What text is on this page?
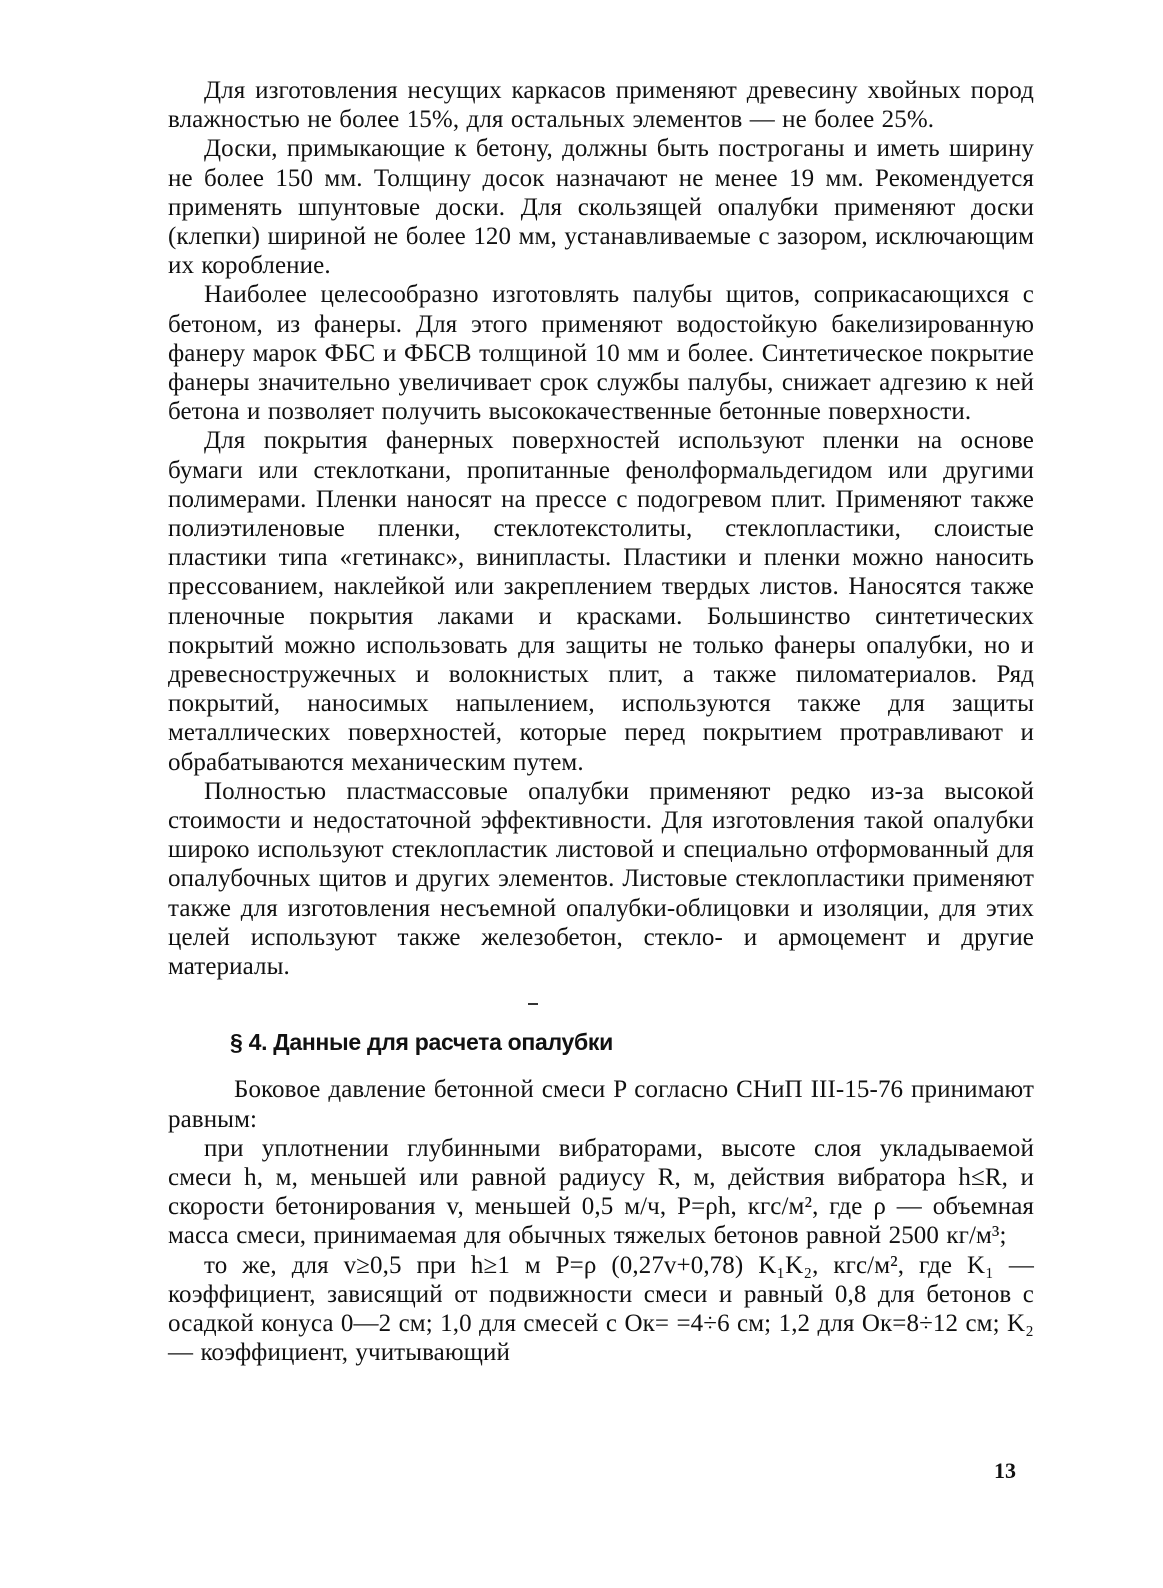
Для изготовления несущих каркасов применяют древесину хвойных пород влажностью не более 15%, для остальных элементов — не более 25%.

Доски, примыкающие к бетону, должны быть построганы и иметь ширину не более 150 мм. Толщину досок назначают не менее 19 мм. Рекомендуется применять шпунтовые доски. Для скользящей опалубки применяют доски (клепки) шириной не более 120 мм, устанавливаемые с зазором, исключающим их коробление.

Наиболее целесообразно изготовлять палубы щитов, соприкасающихся с бетоном, из фанеры. Для этого применяют водостойкую бакелизированную фанеру марок ФБС и ФБСВ толщиной 10 мм и более. Синтетическое покрытие фанеры значительно увеличивает срок службы палубы, снижает адгезию к ней бетона и позволяет получить высококачественные бетонные поверхности.

Для покрытия фанерных поверхностей используют пленки на основе бумаги или стеклоткани, пропитанные фенолформальдегидом или другими полимерами. Пленки наносят на прессе с подогревом плит. Применяют также полиэтиленовые пленки, стеклотекстолиты, стеклопластики, слоистые пластики типа «гетинакс», винипласты. Пластики и пленки можно наносить прессованием, наклейкой или закреплением твердых листов. Наносятся также пленочные покрытия лаками и красками. Большинство синтетических покрытий можно использовать для защиты не только фанеры опалубки, но и древесностружечных и волокнистых плит, а также пиломатериалов. Ряд покрытий, наносимых напылением, используются также для защиты металлических поверхностей, которые перед покрытием протравливают и обрабатываются механическим путем.

Полностью пластмассовые опалубки применяют редко из-за высокой стоимости и недостаточной эффективности. Для изготовления такой опалубки широко используют стеклопластик листовой и специально отформованный для опалубочных щитов и других элементов. Листовые стеклопластики применяют также для изготовления несъемной опалубки-облицовки и изоляции, для этих целей используют также железобетон, стекло- и армоцемент и другие материалы.

§ 4. Данные для расчета опалубки

Боковое давление бетонной смеси P согласно СНиП III-15-76 принимают равным:

при уплотнении глубинными вибраторами, высоте слоя укладываемой смеси h, м, меньшей или равной радиусу R, м, действия вибратора h≤R, и скорости бетонирования v, меньшей 0,5 м/ч, P=ρh, кгс/м², где ρ — объемная масса смеси, принимаемая для обычных тяжелых бетонов равной 2500 кг/м³;

то же, для v≥0,5 при h≥1 м P=ρ (0,27v+0,78) K₁K₂, кгс/м², где K₁ — коэффициент, зависящий от подвижности смеси и равный 0,8 для бетонов с осадкой конуса 0—2 см; 1,0 для смесей с Oк= =4÷6 см; 1,2 для Oк=8÷12 см; K₂ — коэффициент, учитывающий

13
